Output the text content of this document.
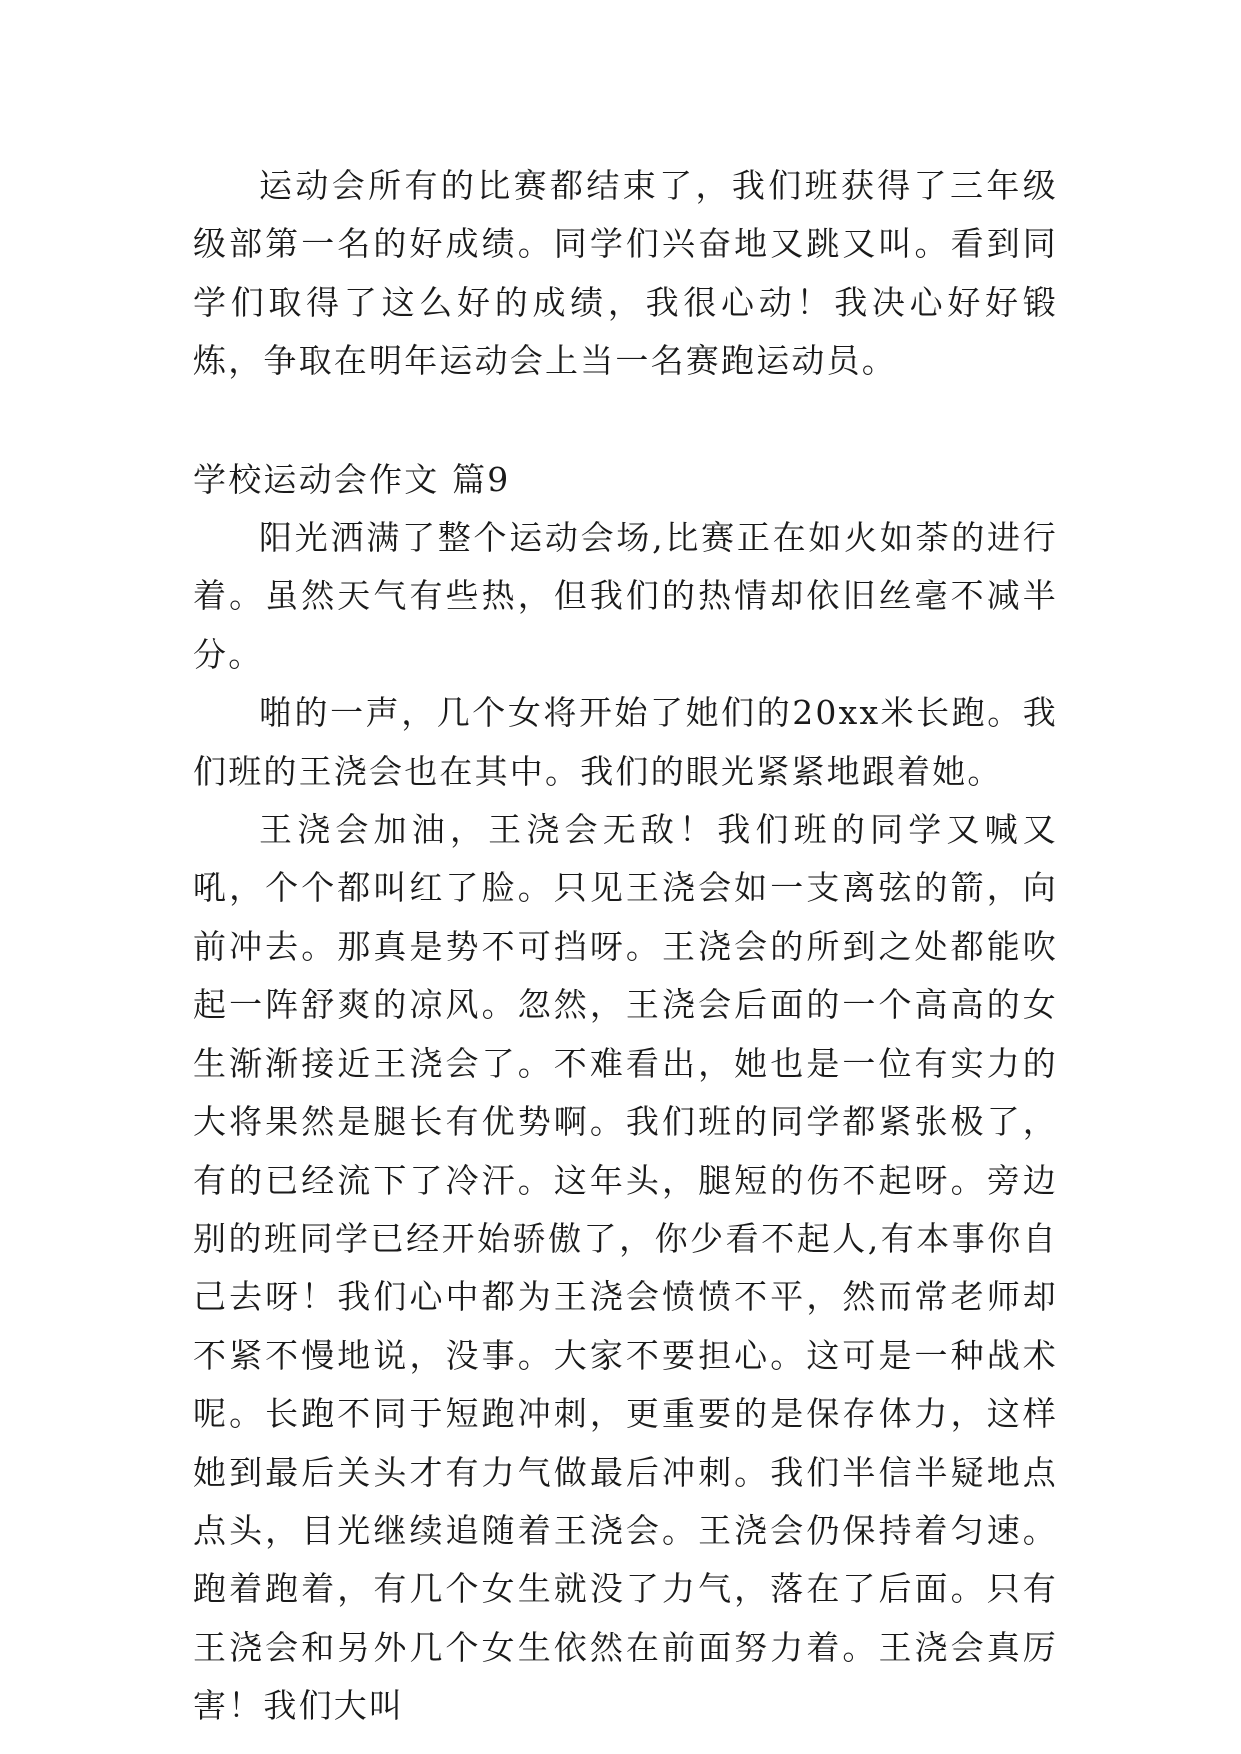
运动会所有的比赛都结束了，我们班获得了三年级级部第一名的好成绩。同学们兴奋地又跳又叫。看到同学们取得了这么好的成绩，我很心动！我决心好好锻炼，争取在明年运动会上当一名赛跑运动员。

学校运动会作文 篇9

阳光洒满了整个运动会场,比赛正在如火如荼的进行着。虽然天气有些热，但我们的热情却依旧丝毫不减半分。

啪的一声，几个女将开始了她们的20xx米长跑。我们班的王浇会也在其中。我们的眼光紧紧地跟着她。

王浇会加油，王浇会无敌！我们班的同学又喊又吼，个个都叫红了脸。只见王浇会如一支离弦的箭，向前冲去。那真是势不可挡呀。王浇会的所到之处都能吹起一阵舒爽的凉风。忽然，王浇会后面的一个高高的女生渐渐接近王浇会了。不难看出，她也是一位有实力的大将果然是腿长有优势啊。我们班的同学都紧张极了，有的已经流下了冷汗。这年头，腿短的伤不起呀。旁边别的班同学已经开始骄傲了，你少看不起人,有本事你自己去呀！我们心中都为王浇会愤愤不平，然而常老师却不紧不慢地说，没事。大家不要担心。这可是一种战术呢。长跑不同于短跑冲刺，更重要的是保存体力，这样她到最后关头才有力气做最后冲刺。我们半信半疑地点点头，目光继续追随着王浇会。王浇会仍保持着匀速。跑着跑着，有几个女生就没了力气，落在了后面。只有王浇会和另外几个女生依然在前面努力着。王浇会真厉害！我们大叫
